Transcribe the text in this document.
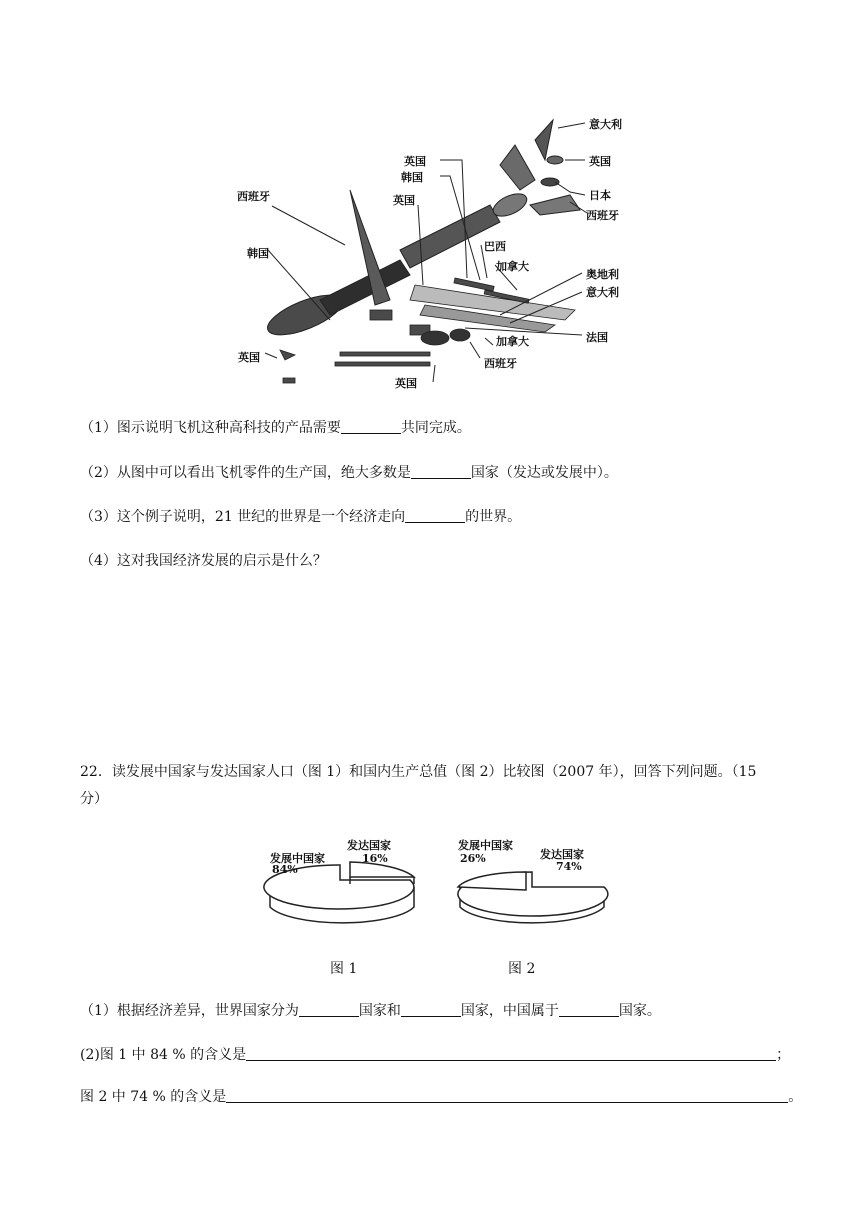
意大利
英国
日本
西班牙
英国
韩国
西班牙	英国
韩国
巴西
加拿大
奥地利
意大利
法国
加拿大
西班牙
英国
英国
（1）图示说明飞机这种高科技的产品需要	共同完成。
（2）从图中可以看出飞机零件的生产国，绝大多数是	国家（发达或发展中）。
（3）这个例子说明，21 世纪的世界是一个经济走向	的世界。
（4）这对我国经济发展的启示是什么？
22．读发展中国家与发达国家人口（图 1）和国内生产总值（图 2）比较图（2007 年），回答下列问题。（15
分）
发展中国家
84%
发达国家
16%
发展中国家
26%	发达国家
74%
图 1	图 2
（1）根据经济差异，世界国家分为	国家和	国家，中国属于	国家。
(2)图 1 中 84 % 的含义是	；
图 2 中 74 % 的含义是	。
